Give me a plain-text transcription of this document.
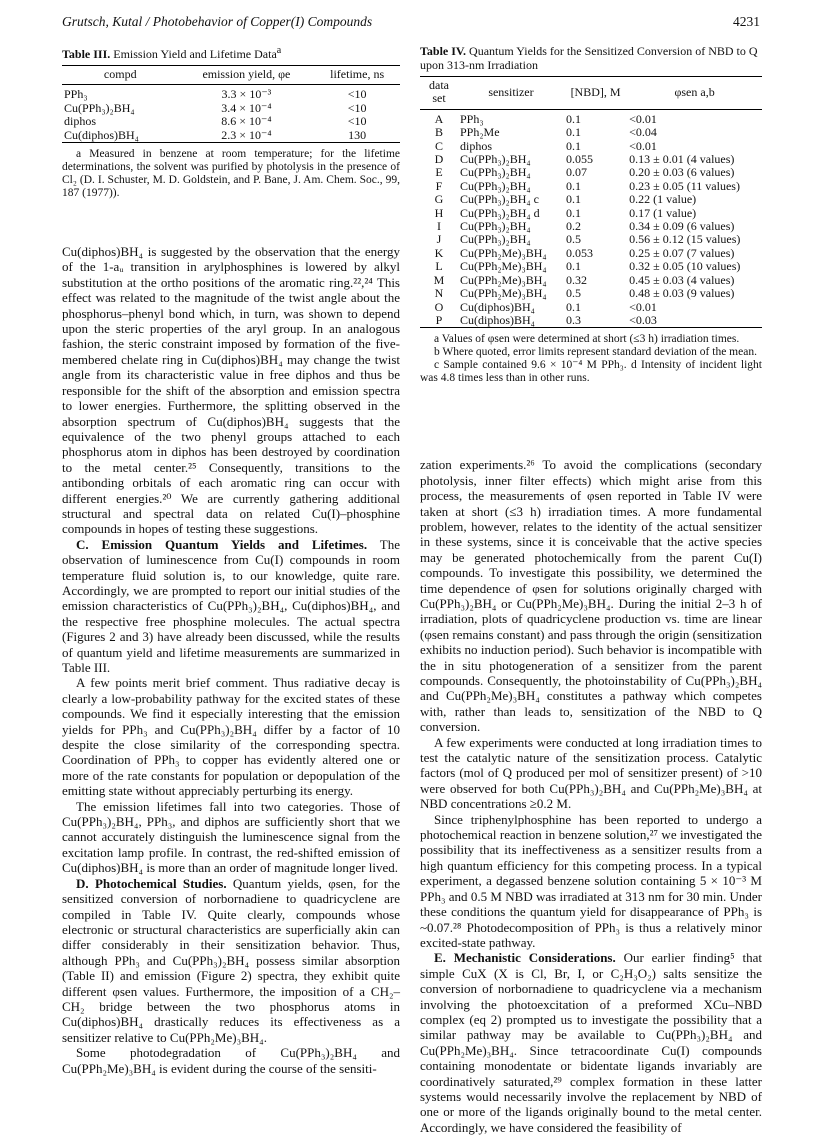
Grutsch, Kutal / Photobehavior of Copper(I) Compounds	4231
Table III. Emission Yield and Lifetime Data$^a$
compd	emission yield, φe	lifetime, ns
PPh₃	3.3 × 10⁻³	<10
Cu(PPh₃)₂BH₄	3.4 × 10⁻⁴	<10
diphos	8.6 × 10⁻⁴	<10
Cu(diphos)BH₄	2.3 × 10⁻⁴	130

a Measured in benzene at room temperature; for the lifetime determinations, the solvent was purified by photolysis in the presence of Cl₂ (D. I. Schuster, M. D. Goldstein, and P. Bane, J. Am. Chem. Soc., 99, 187 (1977)).

Cu(diphos)BH₄ is suggested by the observation that the energy of the 1-aᵤ transition in arylphosphines is lowered by alkyl substitution at the ortho positions of the aromatic ring.²²,²⁴ This effect was related to the magnitude of the twist angle about the phosphorus–phenyl bond which, in turn, was shown to depend upon the steric properties of the aryl group. In an analogous fashion, the steric constraint imposed by formation of the five-membered chelate ring in Cu(diphos)BH₄ may change the twist angle from its characteristic value in free diphos and thus be responsible for the shift of the absorption and emission spectra to lower energies. Furthermore, the splitting observed in the absorption spectrum of Cu(diphos)BH₄ suggests that the equivalence of the two phenyl groups attached to each phosphorus atom in diphos has been destroyed by coordination to the metal center.²⁵ Consequently, transitions to the antibonding orbitals of each aromatic ring can occur with different energies.²⁰ We are currently gathering additional structural and spectral data on related Cu(I)–phosphine compounds in hopes of testing these suggestions.

C. Emission Quantum Yields and Lifetimes. The observation of luminescence from Cu(I) compounds in room temperature fluid solution is, to our knowledge, quite rare. Accordingly, we are prompted to report our initial studies of the emission characteristics of Cu(PPh₃)₂BH₄, Cu(diphos)BH₄, and the respective free phosphine molecules. The actual spectra (Figures 2 and 3) have already been discussed, while the results of quantum yield and lifetime measurements are summarized in Table III.

A few points merit brief comment. Thus radiative decay is clearly a low-probability pathway for the excited states of these compounds. We find it especially interesting that the emission yields for PPh₃ and Cu(PPh₃)₂BH₄ differ by a factor of 10 despite the close similarity of the corresponding spectra. Coordination of PPh₃ to copper has evidently altered one or more of the rate constants for population or depopulation of the emitting state without appreciably perturbing its energy.

The emission lifetimes fall into two categories. Those of Cu(PPh₃)₂BH₄, PPh₃, and diphos are sufficiently short that we cannot accurately distinguish the luminescence signal from the excitation lamp profile. In contrast, the red-shifted emission of Cu(diphos)BH₄ is more than an order of magnitude longer lived.

D. Photochemical Studies. Quantum yields, φsen, for the sensitized conversion of norbornadiene to quadricyclene are compiled in Table IV. Quite clearly, compounds whose electronic or structural characteristics are superficially akin can differ considerably in their sensitization behavior. Thus, although PPh₃ and Cu(PPh₃)₂BH₄ possess similar absorption (Table II) and emission (Figure 2) spectra, they exhibit quite different φsen values. Furthermore, the imposition of a CH₂–CH₂ bridge between the two phosphorus atoms in Cu(diphos)BH₄ drastically reduces its effectiveness as a sensitizer relative to Cu(PPh₂Me)₃BH₄.

Some photodegradation of Cu(PPh₃)₂BH₄ and Cu(PPh₂Me)₃BH₄ is evident during the course of the sensiti-

Table IV. Quantum Yields for the Sensitized Conversion of NBD to Q upon 313-nm Irradiation
data set	sensitizer	[NBD], M	φsen a,b
A	PPh₃	0.1	<0.01
B	PPh₂Me	0.1	<0.04
C	diphos	0.1	<0.01
D	Cu(PPh₃)₂BH₄	0.055	0.13 ± 0.01 (4 values)
E	Cu(PPh₃)₂BH₄	0.07	0.20 ± 0.03 (6 values)
F	Cu(PPh₃)₂BH₄	0.1	0.23 ± 0.05 (11 values)
G	Cu(PPh₃)₂BH₄ c	0.1	0.22 (1 value)
H	Cu(PPh₃)₂BH₄ d	0.1	0.17 (1 value)
I	Cu(PPh₃)₂BH₄	0.2	0.34 ± 0.09 (6 values)
J	Cu(PPh₃)₂BH₄	0.5	0.56 ± 0.12 (15 values)
K	Cu(PPh₂Me)₃BH₄	0.053	0.25 ± 0.07 (7 values)
L	Cu(PPh₂Me)₃BH₄	0.1	0.32 ± 0.05 (10 values)
M	Cu(PPh₂Me)₃BH₄	0.32	0.45 ± 0.03 (4 values)
N	Cu(PPh₂Me)₃BH₄	0.5	0.48 ± 0.03 (9 values)
O	Cu(diphos)BH₄	0.1	<0.01
P	Cu(diphos)BH₄	0.3	<0.03

a Values of φsen were determined at short (≤3 h) irradiation times.

b Where quoted, error limits represent standard deviation of the mean.

c Sample contained 9.6 × 10⁻⁴ M PPh₃. d Intensity of incident light was 4.8 times less than in other runs.

zation experiments.²⁶ To avoid the complications (secondary photolysis, inner filter effects) which might arise from this process, the measurements of φsen reported in Table IV were taken at short (≤3 h) irradiation times. A more fundamental problem, however, relates to the identity of the actual sensitizer in these systems, since it is conceivable that the active species may be generated photochemically from the parent Cu(I) compounds. To investigate this possibility, we determined the time dependence of φsen for solutions originally charged with Cu(PPh₃)₂BH₄ or Cu(PPh₂Me)₃BH₄. During the initial 2–3 h of irradiation, plots of quadricyclene production vs. time are linear (φsen remains constant) and pass through the origin (sensitization exhibits no induction period). Such behavior is incompatible with the in situ photogeneration of a sensitizer from the parent compounds. Consequently, the photoinstability of Cu(PPh₃)₂BH₄ and Cu(PPh₂Me)₃BH₄ constitutes a pathway which competes with, rather than leads to, sensitization of the NBD to Q conversion.

A few experiments were conducted at long irradiation times to test the catalytic nature of the sensitization process. Catalytic factors (mol of Q produced per mol of sensitizer present) of >10 were observed for both Cu(PPh₃)₂BH₄ and Cu(PPh₂Me)₃BH₄ at NBD concentrations ≥0.2 M.

Since triphenylphosphine has been reported to undergo a photochemical reaction in benzene solution,²⁷ we investigated the possibility that its ineffectiveness as a sensitizer results from a high quantum efficiency for this competing process. In a typical experiment, a degassed benzene solution containing 5 × 10⁻³ M PPh₃ and 0.5 M NBD was irradiated at 313 nm for 30 min. Under these conditions the quantum yield for disappearance of PPh₃ is ~0.07.²⁸ Photodecomposition of PPh₃ is thus a relatively minor excited-state pathway.

E. Mechanistic Considerations. Our earlier finding⁵ that simple CuX (X is Cl, Br, I, or C₂H₃O₂) salts sensitize the conversion of norbornadiene to quadricyclene via a mechanism involving the photoexcitation of a preformed XCu–NBD complex (eq 2) prompted us to investigate the possibility that a similar pathway may be available to Cu(PPh₃)₂BH₄ and Cu(PPh₂Me)₃BH₄. Since tetracoordinate Cu(I) compounds containing monodentate or bidentate ligands invariably are coordinatively saturated,²⁹ complex formation in these latter systems would necessarily involve the replacement by NBD of one or more of the ligands originally bound to the metal center. Accordingly, we have considered the feasibility of
